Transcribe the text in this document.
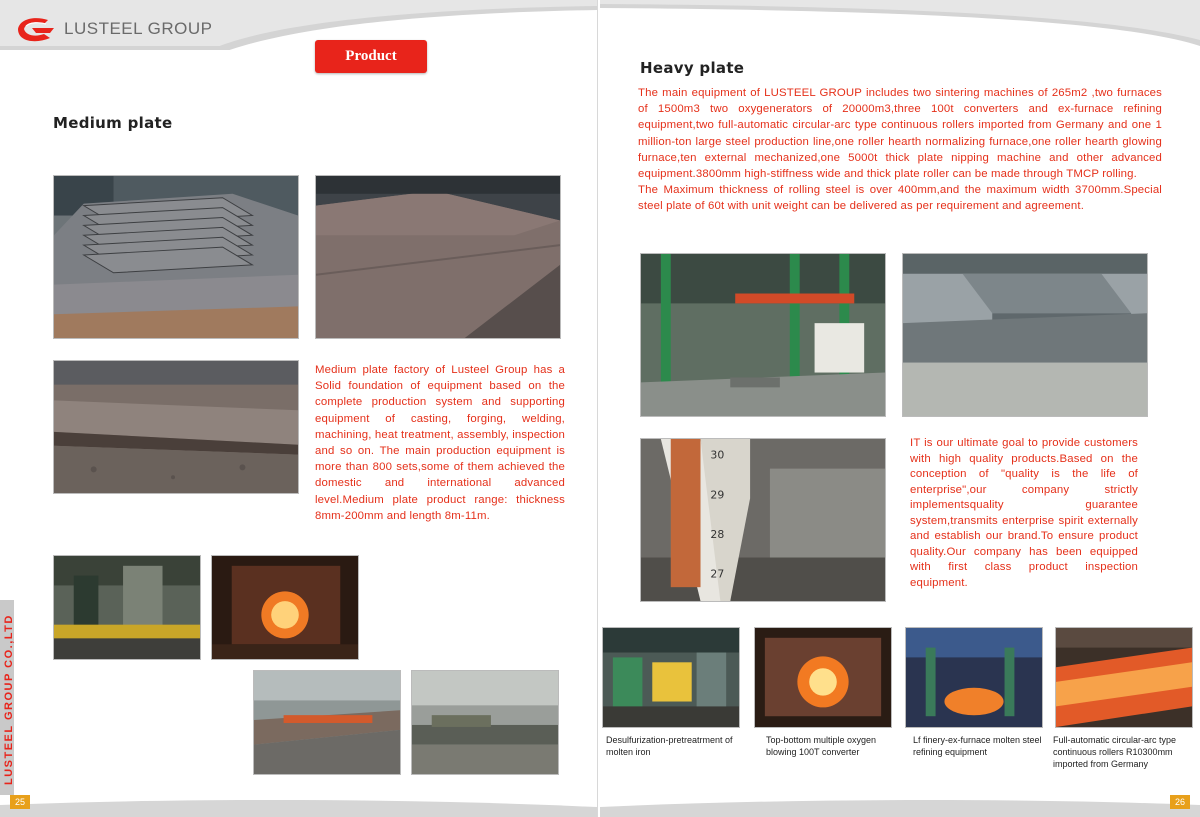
LUSTEEL GROUP
Product
Medium plate
Medium plate factory of Lusteel Group has a Solid foundation of equipment based on the complete production system and supporting equipment of casting, forging, welding, machining, heat treatment, assembly, inspection and so on. The main production equipment is more than 800 sets,some of them achieved the domestic and international advanced level.Medium plate product range: thickness 8mm-200mm and length 8m-11m.
LUSTEEL GROUP CO.,LTD
25
Heavy plate

The main equipment of LUSTEEL GROUP includes two sintering machines of 265m2 ,two furnaces of 1500m3 two oxygenerators of 20000m3,three 100t converters and ex-furnace refining equipment,two full-automatic circular-arc type continuous rollers imported from Germany and one 1 million-ton large steel production line,one roller hearth normalizing furnace,one roller hearth glowing furnace,ten external mechanized,one 5000t thick plate nipping machine and other advanced equipment.3800mm high-stiffness wide and thick plate roller can be made through TMCP rolling.

The Maximum thickness of rolling steel is over 400mm,and the maximum width 3700mm.Special steel plate of 60t with unit weight can be delivered as per requirement and agreement.

30
29
28
27
IT is our ultimate goal to provide customers with high quality products.Based on the conception of "quality is the life of enterprise",our company strictly implementsquality guarantee system,transmits enterprise spirit externally and establish our brand.To ensure product quality.Our company has been equipped with first class product inspection equipment.
Desulfurization-pretreatrment of molten iron
Top-bottom multiple oxygen blowing 100T converter
Lf finery-ex-furnace molten steel refining equipment
Full-automatic circular-arc type continuous rollers R10300mm imported from Germany
26
